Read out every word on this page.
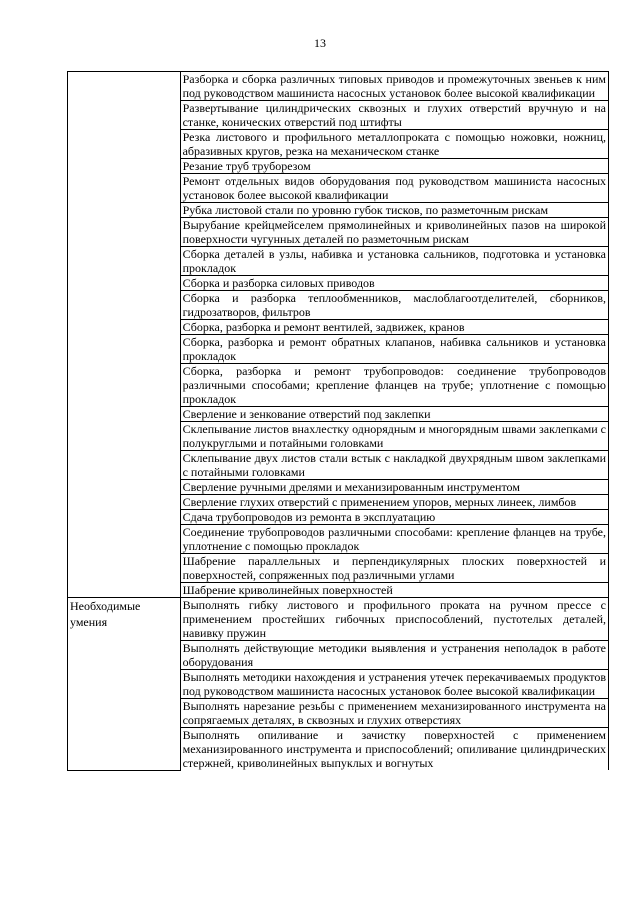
13

	Разборка и сборка различных типовых приводов и промежуточных звеньев к ним под руководством машиниста насосных установок более высокой квалификации

	Развертывание цилиндрических сквозных и глухих отверстий вручную и на станке, конических отверстий под штифты

	Резка листового и профильного металлопроката с помощью ножовки, ножниц, абразивных кругов, резка на механическом станке

	Резание труб труборезом

	Ремонт отдельных видов оборудования под руководством машиниста насосных установок более высокой квалификации

	Рубка листовой стали по уровню губок тисков, по разметочным рискам

	Вырубание крейцмейселем прямолинейных и криволинейных пазов на широкой поверхности чугунных деталей по разметочным рискам

	Сборка деталей в узлы, набивка и установка сальников, подготовка и установка прокладок

	Сборка и разборка силовых приводов

	Сборка и разборка теплообменников, маслоблагоотделителей, сборников, гидрозатворов, фильтров

	Сборка, разборка и ремонт вентилей, задвижек, кранов

	Сборка, разборка и ремонт обратных клапанов, набивка сальников и установка прокладок

	Сборка, разборка и ремонт трубопроводов: соединение трубопроводов различными способами; крепление фланцев на трубе; уплотнение с помощью прокладок

	Сверление и зенкование отверстий под заклепки

	Склепывание листов внахлестку однорядным и многорядным швами заклепками с полукруглыми и потайными головками

	Склепывание двух листов стали встык с накладкой двухрядным швом заклепками с потайными головками

	Сверление ручными дрелями и механизированным инструментом

	Сверление глухих отверстий с применением упоров, мерных линеек, лимбов

	Сдача трубопроводов из ремонта в эксплуатацию

	Соединение трубопроводов различными способами: крепление фланцев на трубе, уплотнение с помощью прокладок

	Шабрение параллельных и перпендикулярных плоских поверхностей и поверхностей, сопряженных под различными углами

	Шабрение криволинейных поверхностей

Необходимые умения	Выполнять гибку листового и профильного проката на ручном прессе с применением простейших гибочных приспособлений, пустотелых деталей, навивку пружин

	Выполнять действующие методики выявления и устранения неполадок в работе оборудования

	Выполнять методики нахождения и устранения утечек перекачиваемых продуктов под руководством машиниста насосных установок более высокой квалификации

	Выполнять нарезание резьбы с применением механизированного инструмента на сопрягаемых деталях, в сквозных и глухих отверстиях

	Выполнять опиливание и зачистку поверхностей с применением механизированного инструмента и приспособлений; опиливание цилиндрических стержней, криволинейных выпуклых и вогнутых
